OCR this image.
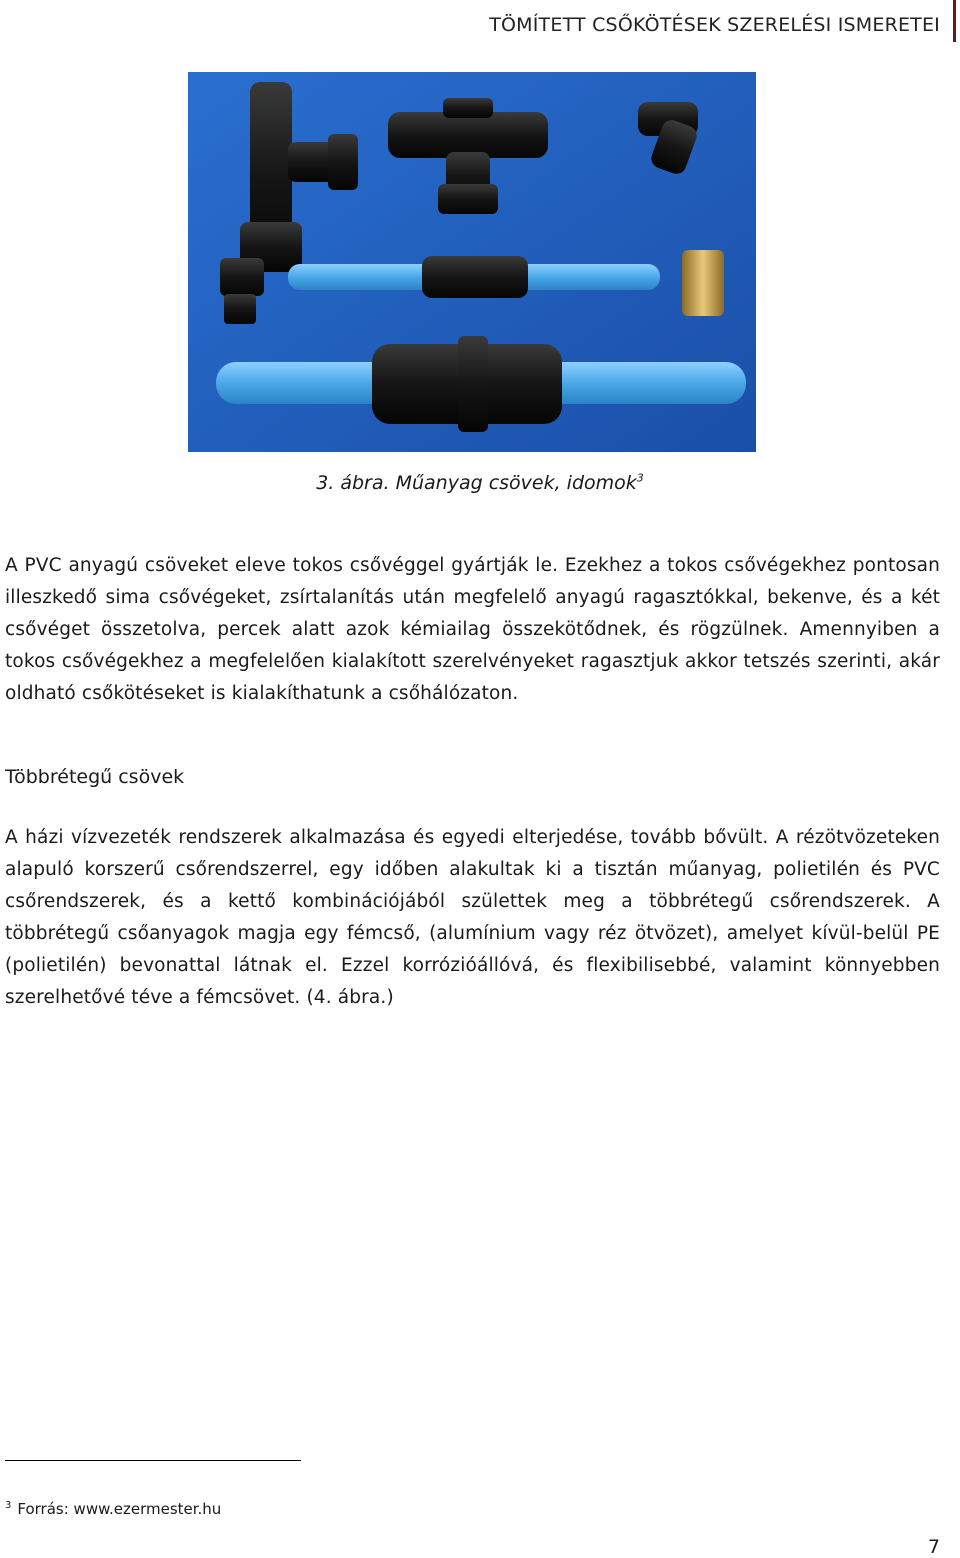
TÖMÍTETT CSŐKÖTÉSEK SZERELÉSI ISMERETEI
3. ábra. Műanyag csövek, idomok$^3$

A PVC anyagú csöveket eleve tokos csővéggel gyártják le. Ezekhez a tokos csővégekhez pontosan illeszkedő sima csővégeket, zsírtalanítás után megfelelő anyagú ragasztókkal, bekenve, és a két csővéget összetolva, percek alatt azok kémiailag összekötődnek, és rögzülnek. Amennyiben a tokos csővégekhez a megfelelően kialakított szerelvényeket ragasztjuk akkor tetszés szerinti, akár oldható csőkötéseket is kialakíthatunk a csőhálózaton.

Többrétegű csövek

A házi vízvezeték rendszerek alkalmazása és egyedi elterjedése, tovább bővült. A rézötvözeteken alapuló korszerű csőrendszerrel, egy időben alakultak ki a tisztán műanyag, polietilén és PVC csőrendszerek, és a kettő kombinációjából születtek meg a többrétegű csőrendszerek. A többrétegű csőanyagok magja egy fémcső, (alumínium vagy réz ötvözet), amelyet kívül-belül PE (polietilén) bevonattal látnak el. Ezzel korrózióállóvá, és flexibilisebbé, valamint könnyebben szerelhetővé téve a fémcsövet. (4. ábra.)

$^3$ Forrás: www.ezermester.hu
7
